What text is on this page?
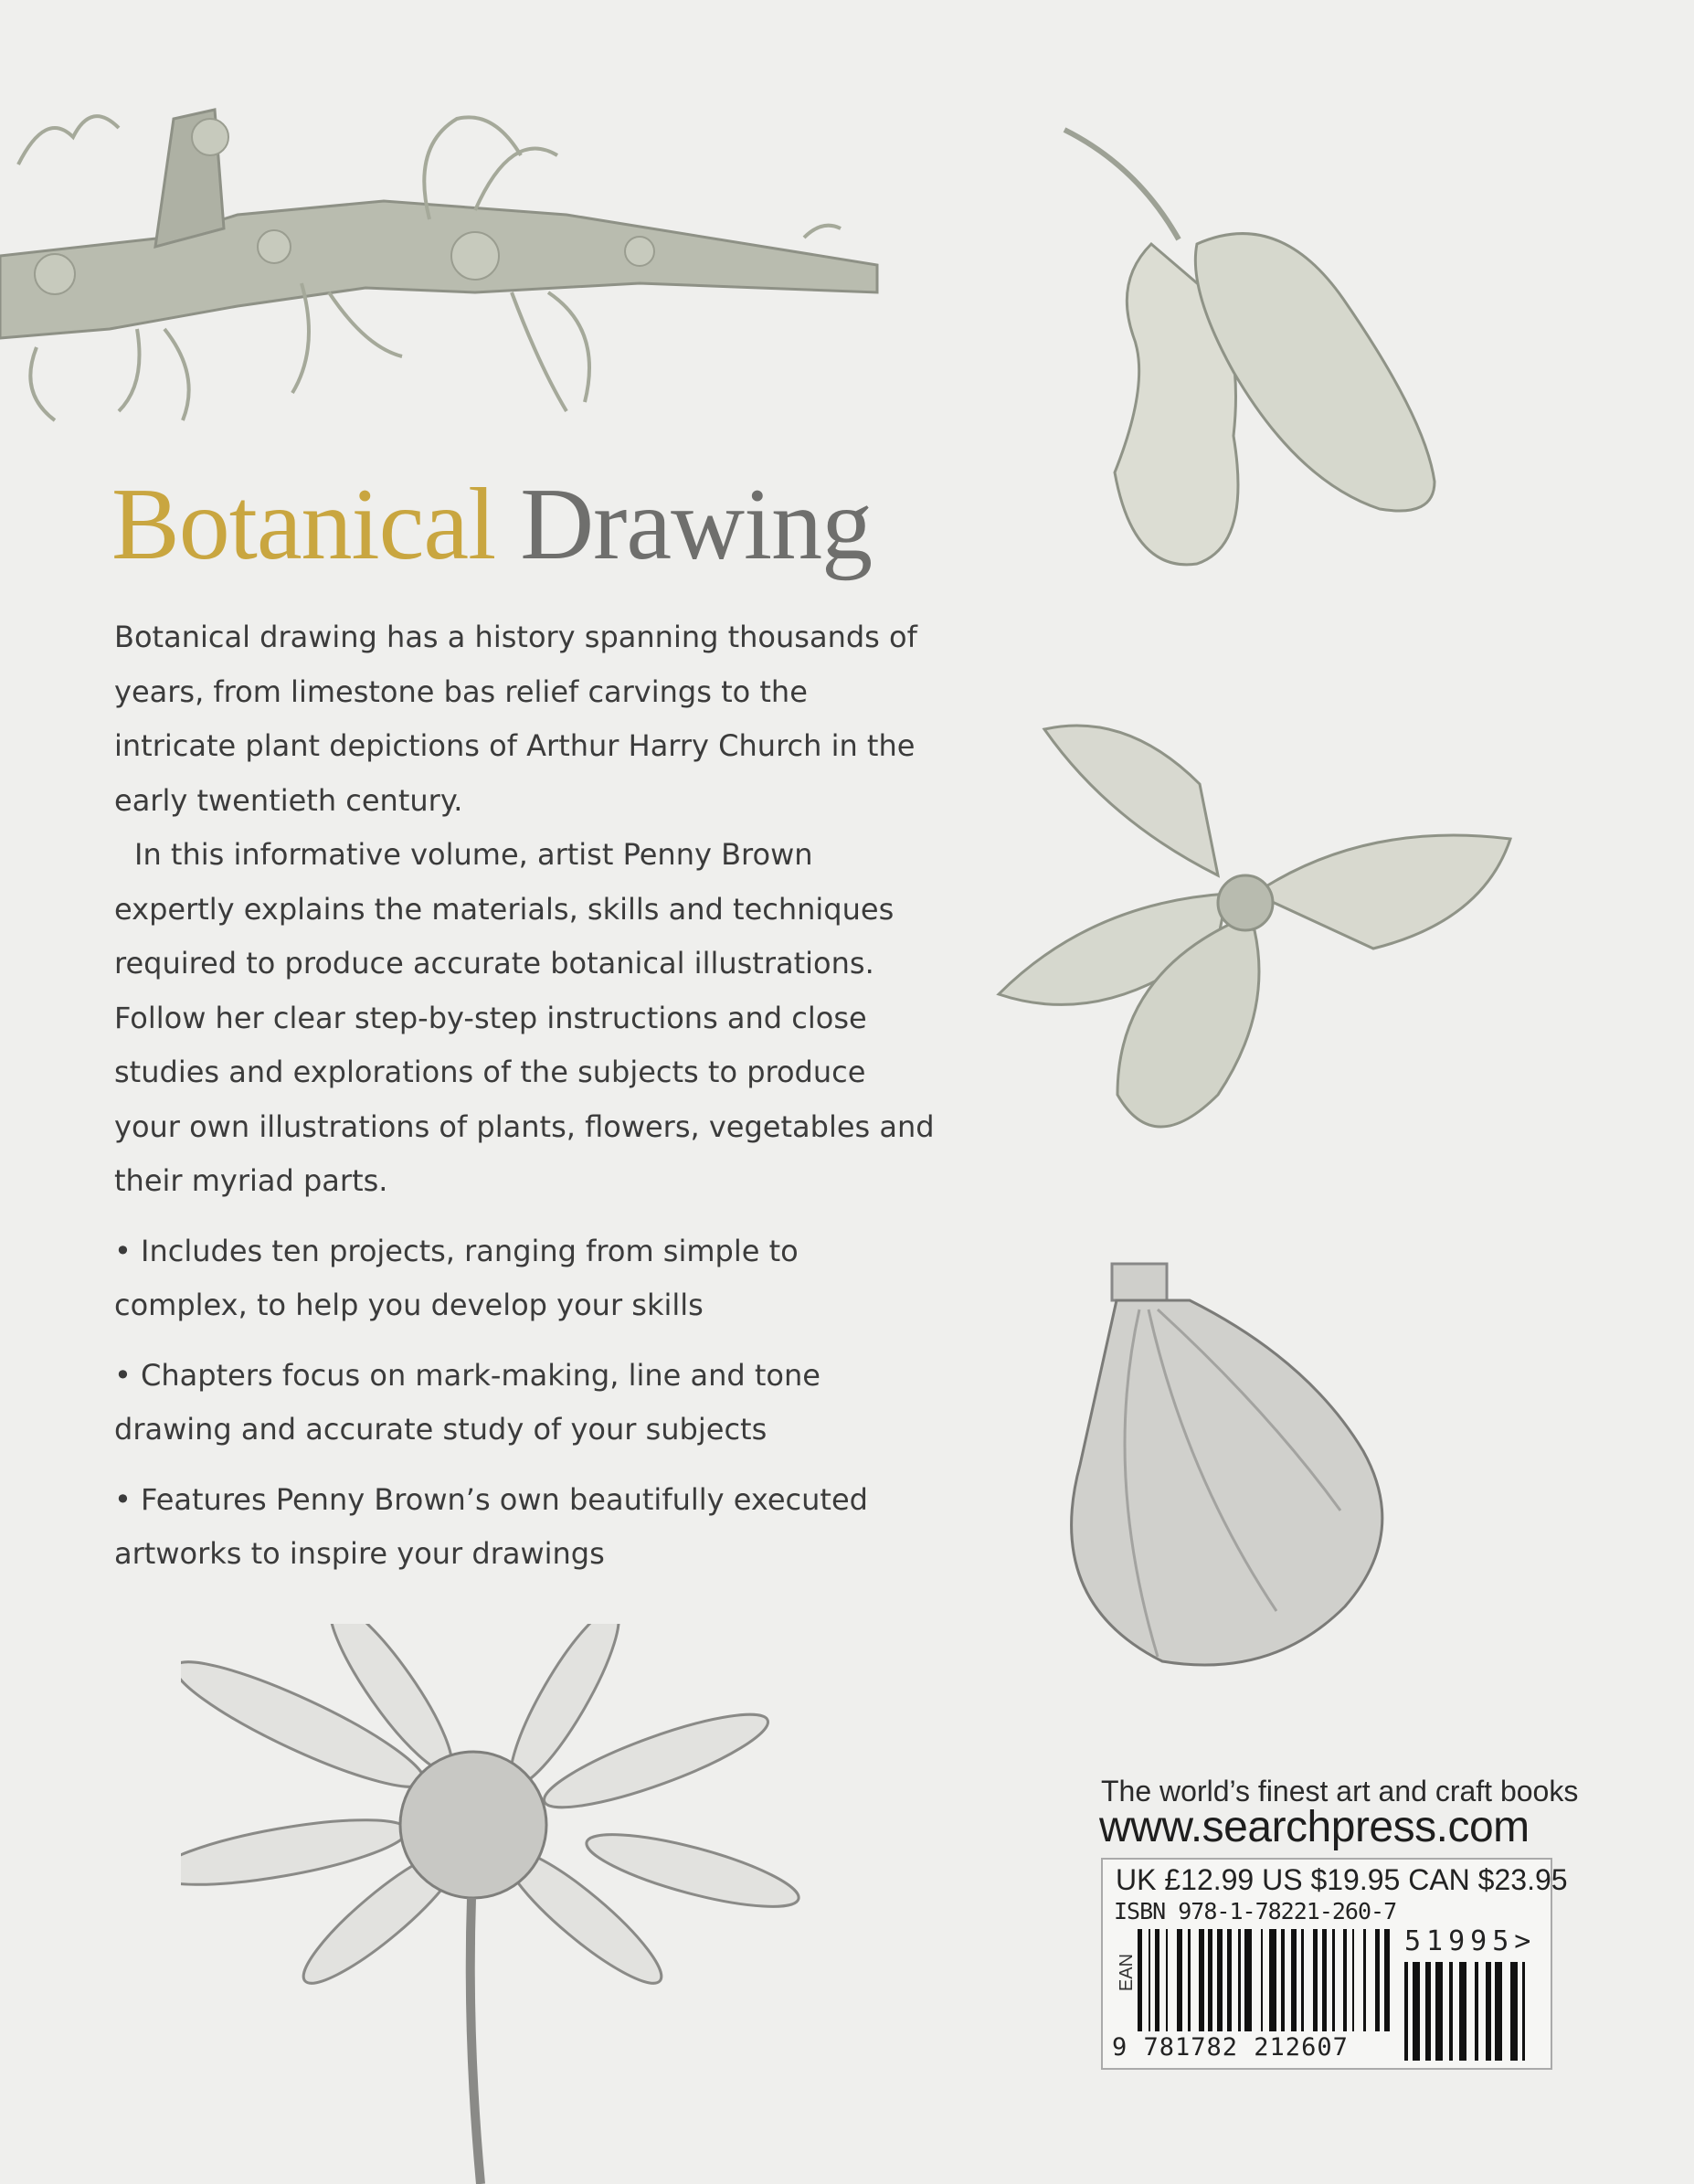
Botanical Drawing

Botanical drawing has a history spanning thousands of years, from limestone bas relief carvings to the intricate plant depictions of Arthur Harry Church in the early twentieth century.

In this informative volume, artist Penny Brown expertly explains the materials, skills and techniques required to produce accurate botanical illustrations. Follow her clear step-by-step instructions and close studies and explorations of the subjects to produce your own illustrations of plants, flowers, vegetables and their myriad parts.

• Includes ten projects, ranging from simple to complex, to help you develop your skills

• Chapters focus on mark-making, line and tone drawing and accurate study of your subjects

• Features Penny Brown’s own beautifully executed artworks to inspire your drawings

The world’s finest art and craft books
www.searchpress.com
UK £12.99 US $19.95 CAN $23.95
ISBN 978-1-78221-260-7
EAN
51995>
9 781782 212607
